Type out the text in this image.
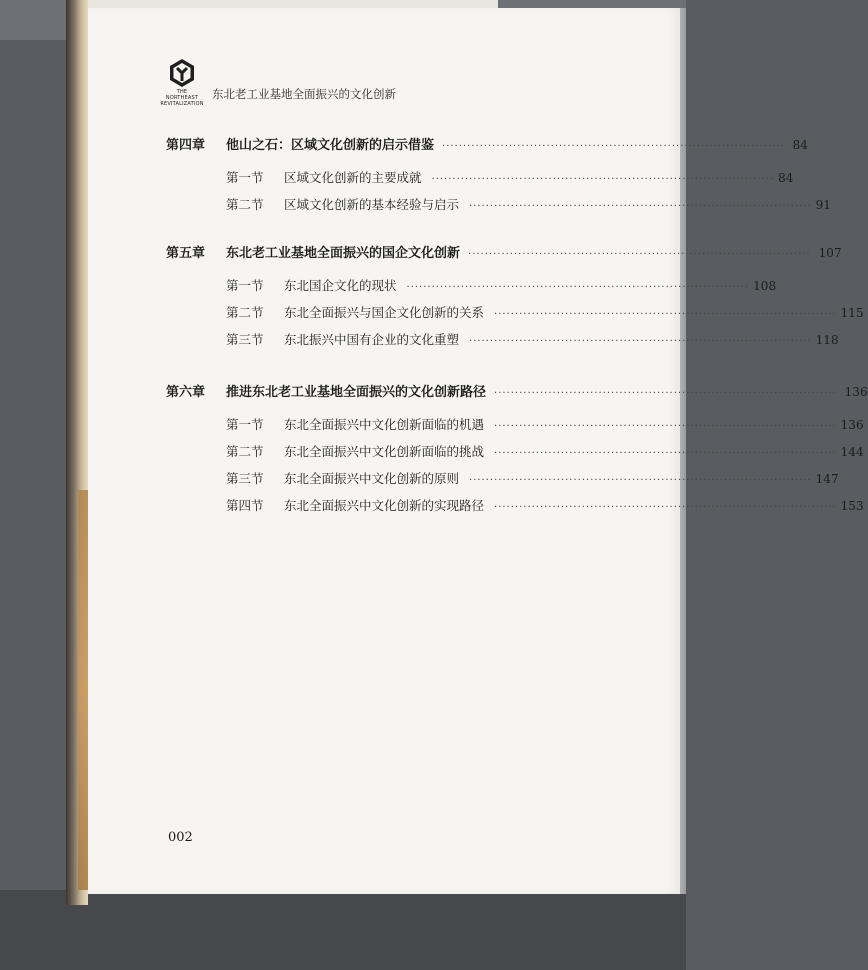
THE NORTHEAST REVITALIZATION
东北老工业基地全面振兴的文化创新
第四章	他山之石：区域文化创新的启示借鉴 ·················································································· 84
第一节	区域文化创新的主要成就 ·················································································· 84
第二节	区域文化创新的基本经验与启示 ·················································································· 91
第五章	东北老工业基地全面振兴的国企文化创新 ·················································································· 107
第一节	东北国企文化的现状 ·················································································· 108
第二节	东北全面振兴与国企文化创新的关系 ·················································································· 115
第三节	东北振兴中国有企业的文化重塑 ·················································································· 118
第六章	推进东北老工业基地全面振兴的文化创新路径 ·················································································· 136
第一节	东北全面振兴中文化创新面临的机遇 ·················································································· 136
第二节	东北全面振兴中文化创新面临的挑战 ·················································································· 144
第三节	东北全面振兴中文化创新的原则 ·················································································· 147
第四节	东北全面振兴中文化创新的实现路径 ·················································································· 153
002
